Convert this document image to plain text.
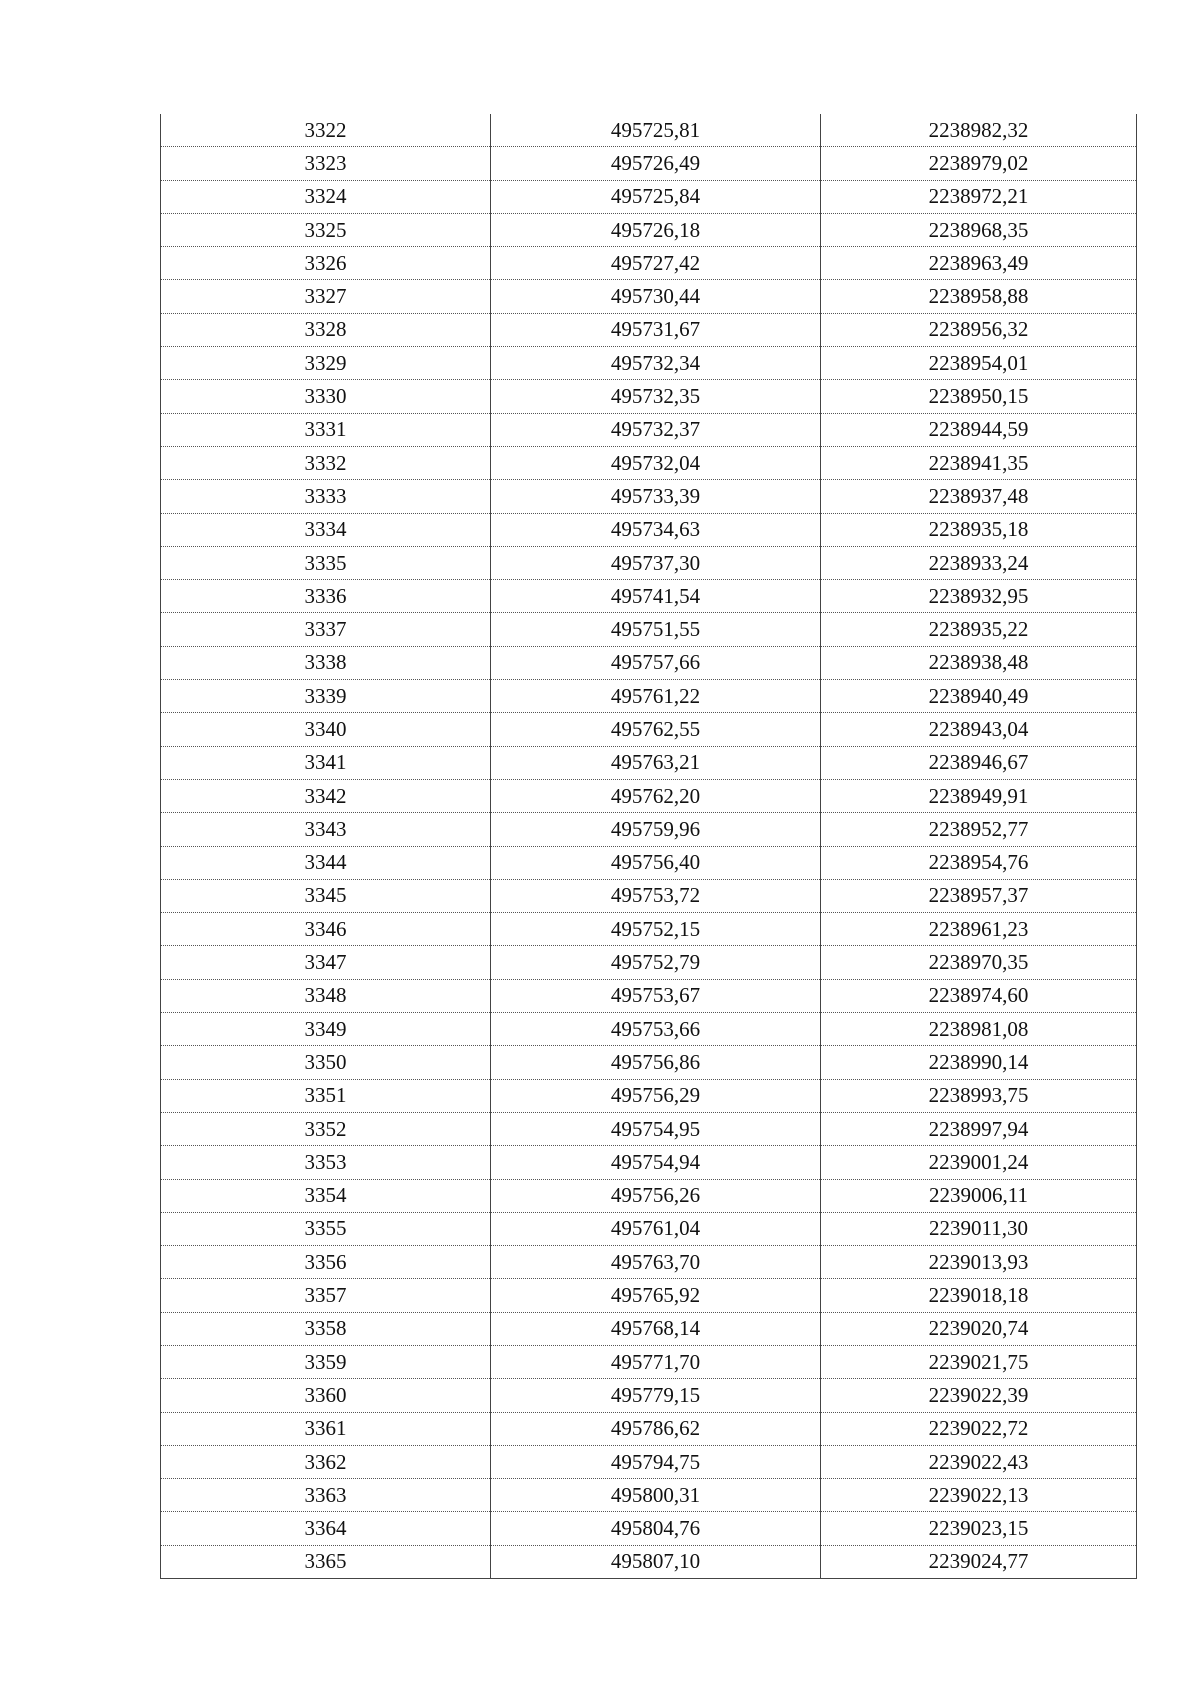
3322	495725,81	2238982,32
3323	495726,49	2238979,02
3324	495725,84	2238972,21
3325	495726,18	2238968,35
3326	495727,42	2238963,49
3327	495730,44	2238958,88
3328	495731,67	2238956,32
3329	495732,34	2238954,01
3330	495732,35	2238950,15
3331	495732,37	2238944,59
3332	495732,04	2238941,35
3333	495733,39	2238937,48
3334	495734,63	2238935,18
3335	495737,30	2238933,24
3336	495741,54	2238932,95
3337	495751,55	2238935,22
3338	495757,66	2238938,48
3339	495761,22	2238940,49
3340	495762,55	2238943,04
3341	495763,21	2238946,67
3342	495762,20	2238949,91
3343	495759,96	2238952,77
3344	495756,40	2238954,76
3345	495753,72	2238957,37
3346	495752,15	2238961,23
3347	495752,79	2238970,35
3348	495753,67	2238974,60
3349	495753,66	2238981,08
3350	495756,86	2238990,14
3351	495756,29	2238993,75
3352	495754,95	2238997,94
3353	495754,94	2239001,24
3354	495756,26	2239006,11
3355	495761,04	2239011,30
3356	495763,70	2239013,93
3357	495765,92	2239018,18
3358	495768,14	2239020,74
3359	495771,70	2239021,75
3360	495779,15	2239022,39
3361	495786,62	2239022,72
3362	495794,75	2239022,43
3363	495800,31	2239022,13
3364	495804,76	2239023,15
3365	495807,10	2239024,77
